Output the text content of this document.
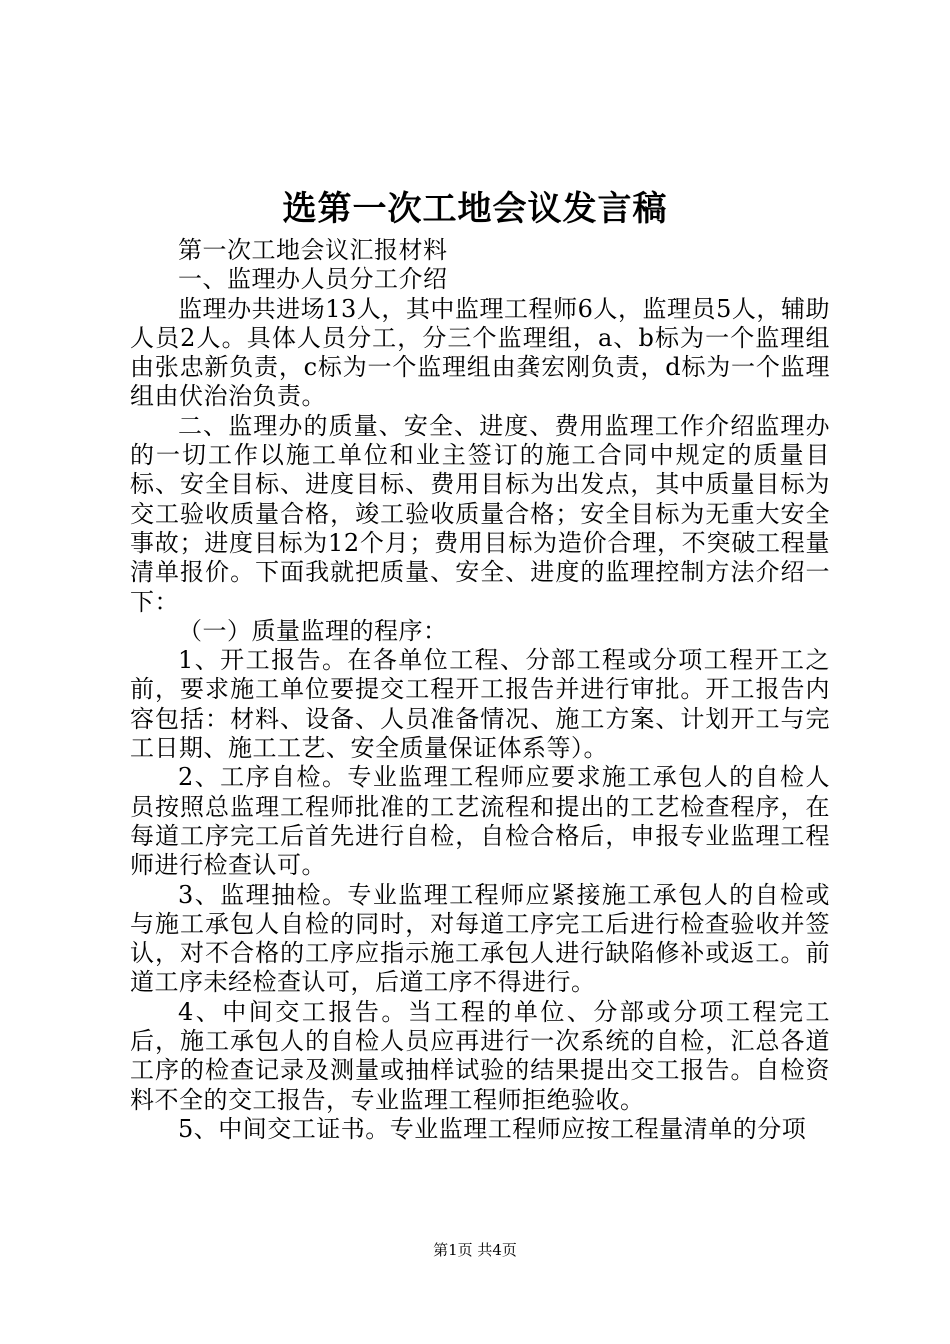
选第一次工地会议发言稿

第一次工地会议汇报材料

一、监理办人员分工介绍

监理办共进场13人，其中监理工程师6人，监理员5人，辅助人员2人。具体人员分工，分三个监理组，a、b标为一个监理组由张忠新负责，c标为一个监理组由龚宏刚负责，d标为一个监理组由伏治治负责。

二、监理办的质量、安全、进度、费用监理工作介绍监理办的一切工作以施工单位和业主签订的施工合同中规定的质量目标、安全目标、进度目标、费用目标为出发点，其中质量目标为交工验收质量合格，竣工验收质量合格；安全目标为无重大安全事故；进度目标为12个月；费用目标为造价合理，不突破工程量清单报价。下面我就把质量、安全、进度的监理控制方法介绍一下：

（一）质量监理的程序：

1、开工报告。在各单位工程、分部工程或分项工程开工之前，要求施工单位要提交工程开工报告并进行审批。开工报告内容包括：材料、设备、人员准备情况、施工方案、计划开工与完工日期、施工工艺、安全质量保证体系等）。

2、工序自检。专业监理工程师应要求施工承包人的自检人员按照总监理工程师批准的工艺流程和提出的工艺检查程序，在每道工序完工后首先进行自检，自检合格后，申报专业监理工程师进行检查认可。

3、监理抽检。专业监理工程师应紧接施工承包人的自检或与施工承包人自检的同时，对每道工序完工后进行检查验收并签认，对不合格的工序应指示施工承包人进行缺陷修补或返工。前道工序未经检查认可，后道工序不得进行。

4、中间交工报告。当工程的单位、分部或分项工程完工后，施工承包人的自检人员应再进行一次系统的自检，汇总各道工序的检查记录及测量或抽样试验的结果提出交工报告。自检资料不全的交工报告，专业监理工程师拒绝验收。

5、中间交工证书。专业监理工程师应按工程量清单的分项

第1页 共4页
